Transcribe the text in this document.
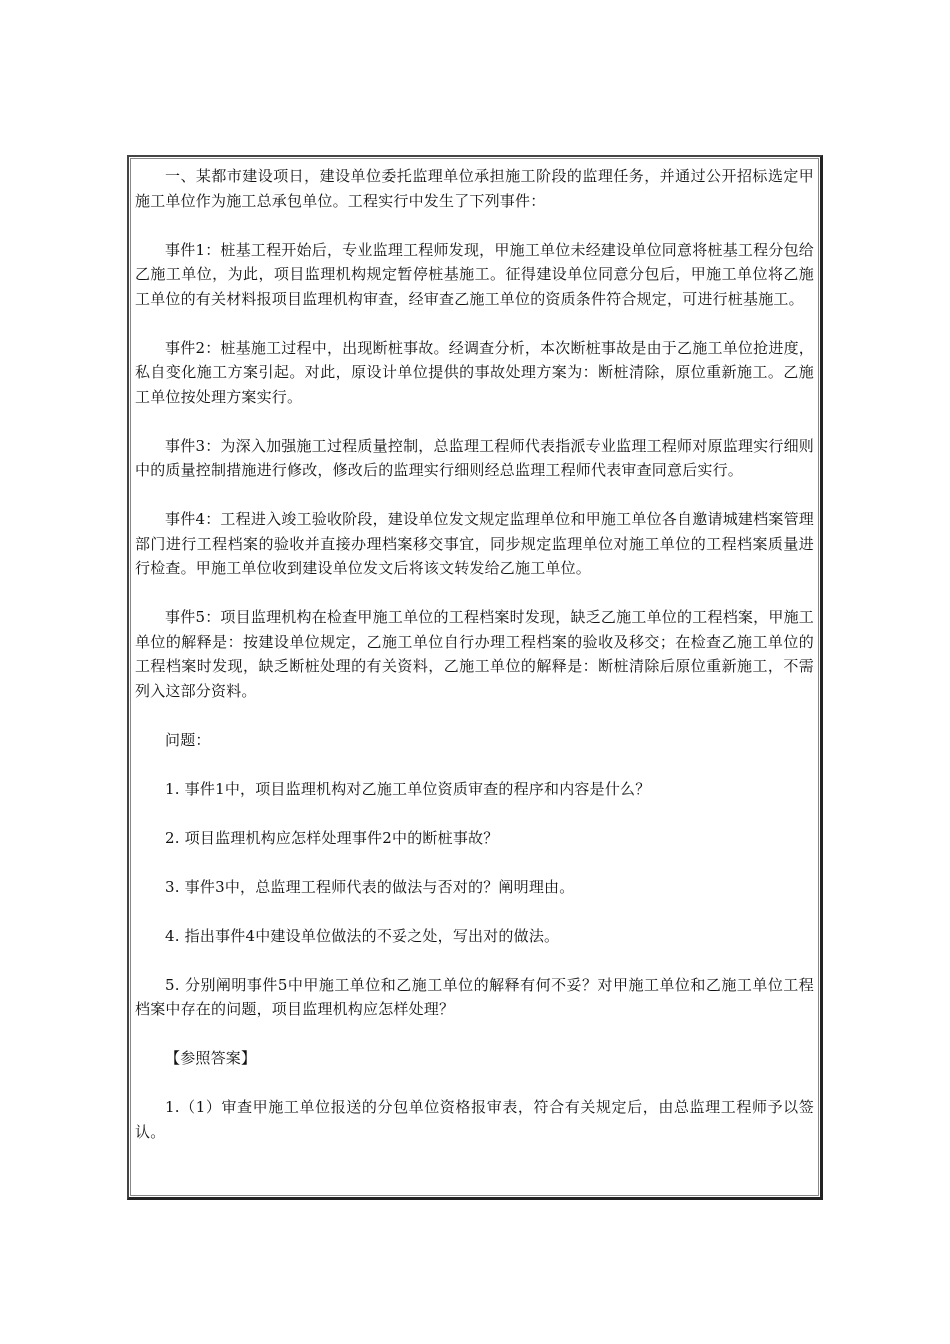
一、某都市建设项日，建设单位委托监理单位承担施工阶段的监理任务，并通过公开招标选定甲施工单位作为施工总承包单位。工程实行中发生了下列事件：

事件1：桩基工程开始后，专业监理工程师发现，甲施工单位未经建设单位同意将桩基工程分包给乙施工单位，为此，项目监理机构规定暂停桩基施工。征得建设单位同意分包后，甲施工单位将乙施工单位的有关材料报项目监理机构审查，经审查乙施工单位的资质条件符合规定，可进行桩基施工。

事件2：桩基施工过程中，出现断桩事故。经调查分析，本次断桩事故是由于乙施工单位抢进度，私自变化施工方案引起。对此，原设计单位提供的事故处理方案为：断桩清除，原位重新施工。乙施工单位按处理方案实行。

事件3：为深入加强施工过程质量控制，总监理工程师代表指派专业监理工程师对原监理实行细则中的质量控制措施进行修改，修改后的监理实行细则经总监理工程师代表审查同意后实行。

事件4：工程进入竣工验收阶段，建设单位发文规定监理单位和甲施工单位各自邀请城建档案管理部门进行工程档案的验收并直接办理档案移交事宜，同步规定监理单位对施工单位的工程档案质量进行检查。甲施工单位收到建设单位发文后将该文转发给乙施工单位。

事件5：项目监理机构在检查甲施工单位的工程档案时发现，缺乏乙施工单位的工程档案，甲施工单位的解释是：按建设单位规定，乙施工单位自行办理工程档案的验收及移交；在检查乙施工单位的工程档案时发现，缺乏断桩处理的有关资料，乙施工单位的解释是：断桩清除后原位重新施工，不需列入这部分资料。

问题：

1. 事件1中，项目监理机构对乙施工单位资质审查的程序和内容是什么？

2. 项目监理机构应怎样处理事件2中的断桩事故？

3. 事件3中，总监理工程师代表的做法与否对的？阐明理由。

4. 指出事件4中建设单位做法的不妥之处，写出对的做法。

5. 分别阐明事件5中甲施工单位和乙施工单位的解释有何不妥？对甲施工单位和乙施工单位工程档案中存在的问题，项目监理机构应怎样处理？

【参照答案】

1.（1）审查甲施工单位报送的分包单位资格报审表，符合有关规定后，由总监理工程师予以签认。
